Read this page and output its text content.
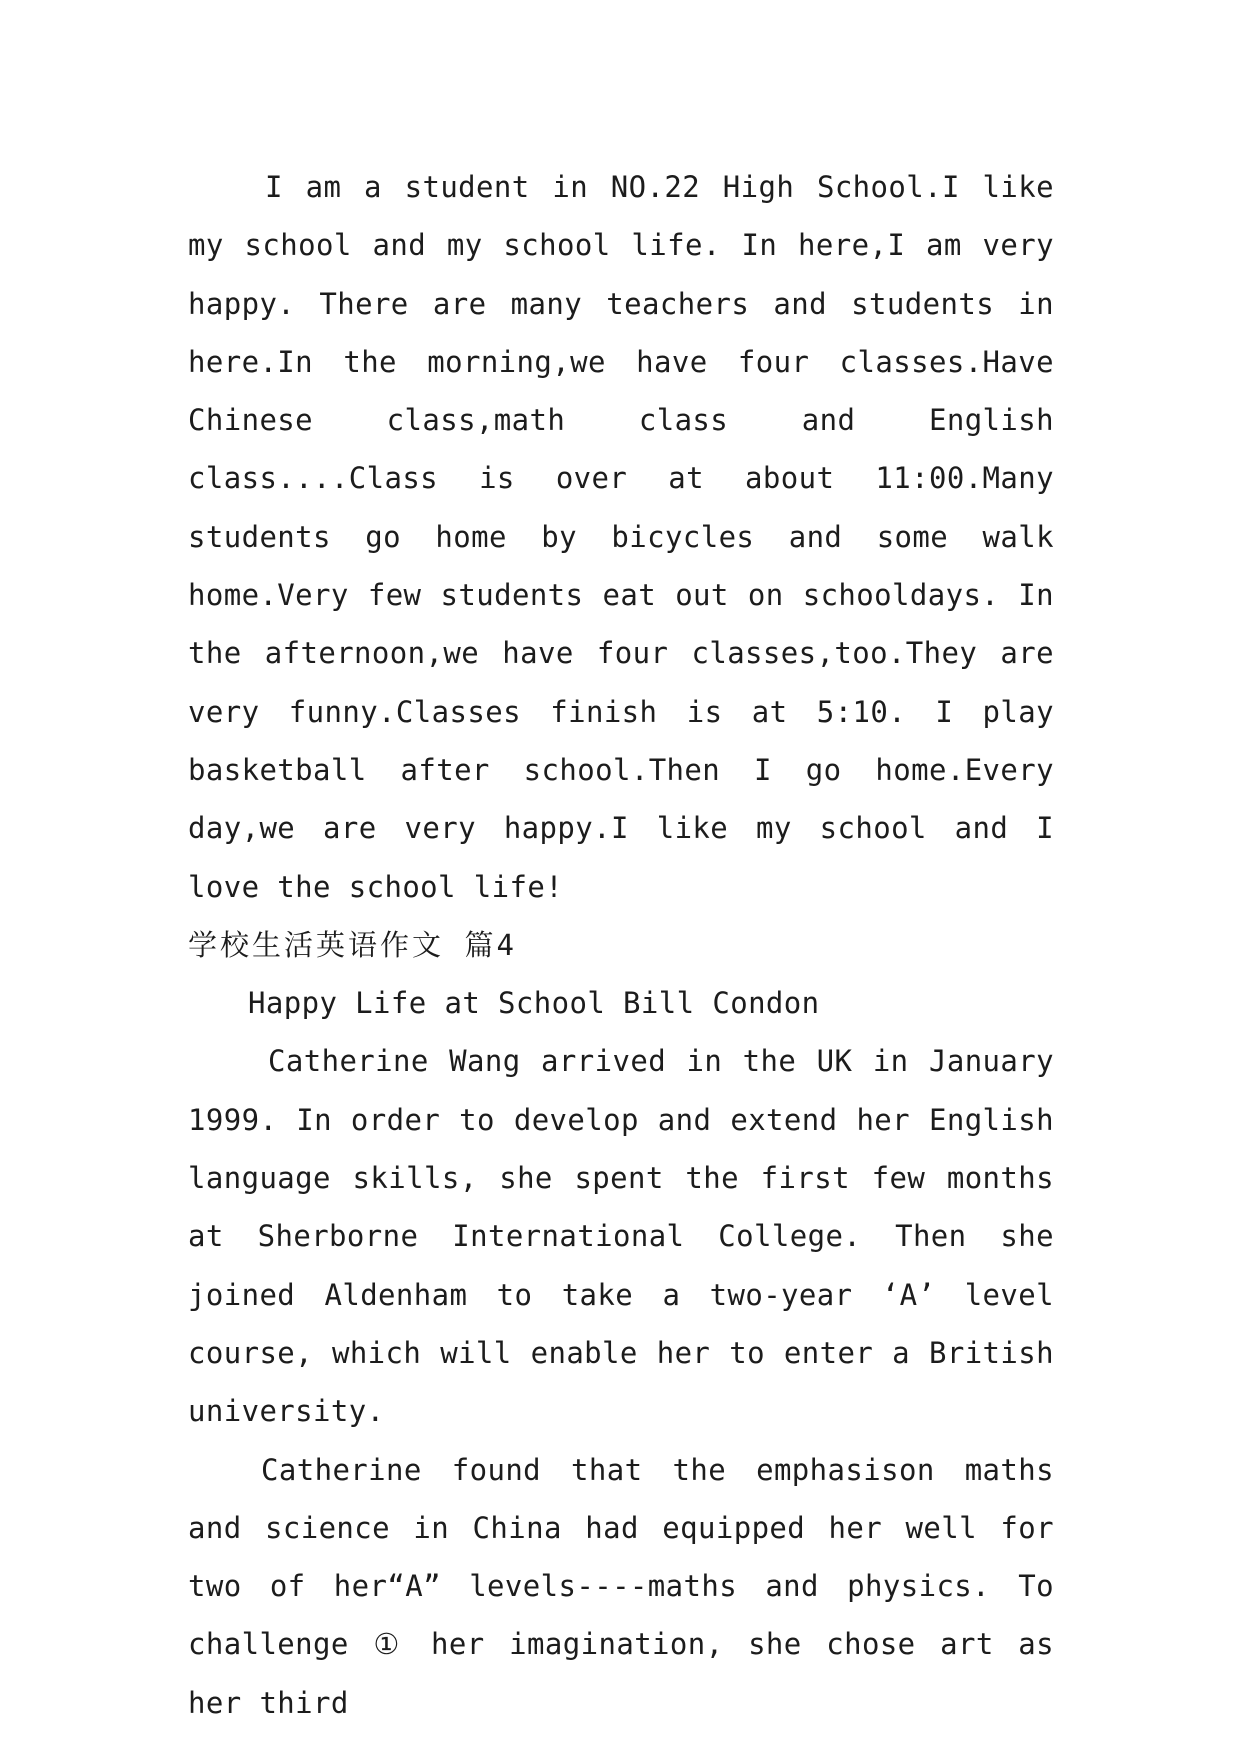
I am a student in NO.22 High School.I like my school and my school life. In here,I am very happy. There are many teachers and students in here.In the morning,we have four classes.Have Chinese class,math class and English class....Class is over at about 11:00.Many students go home by bicycles and some walk home.Very few students eat out on schooldays. In the afternoon,we have four classes,too.They are very funny.Classes finish is at 5:10. I play basketball after school.Then I go home.Every day,we are very happy.I like my school and I love the school life!

学校生活英语作文 篇4

Happy Life at School Bill Condon

Catherine Wang arrived in the UK in January 1999. In order to develop and extend her English language skills, she spent the first few months at Sherborne International College. Then she joined Aldenham to take a two-year ‘A’ level course, which will enable her to enter a British university.

Catherine found that the emphasison maths and science in China had equipped her well for two of her“A” levels----maths and physics. To challenge ① her imagination, she chose art as her third
